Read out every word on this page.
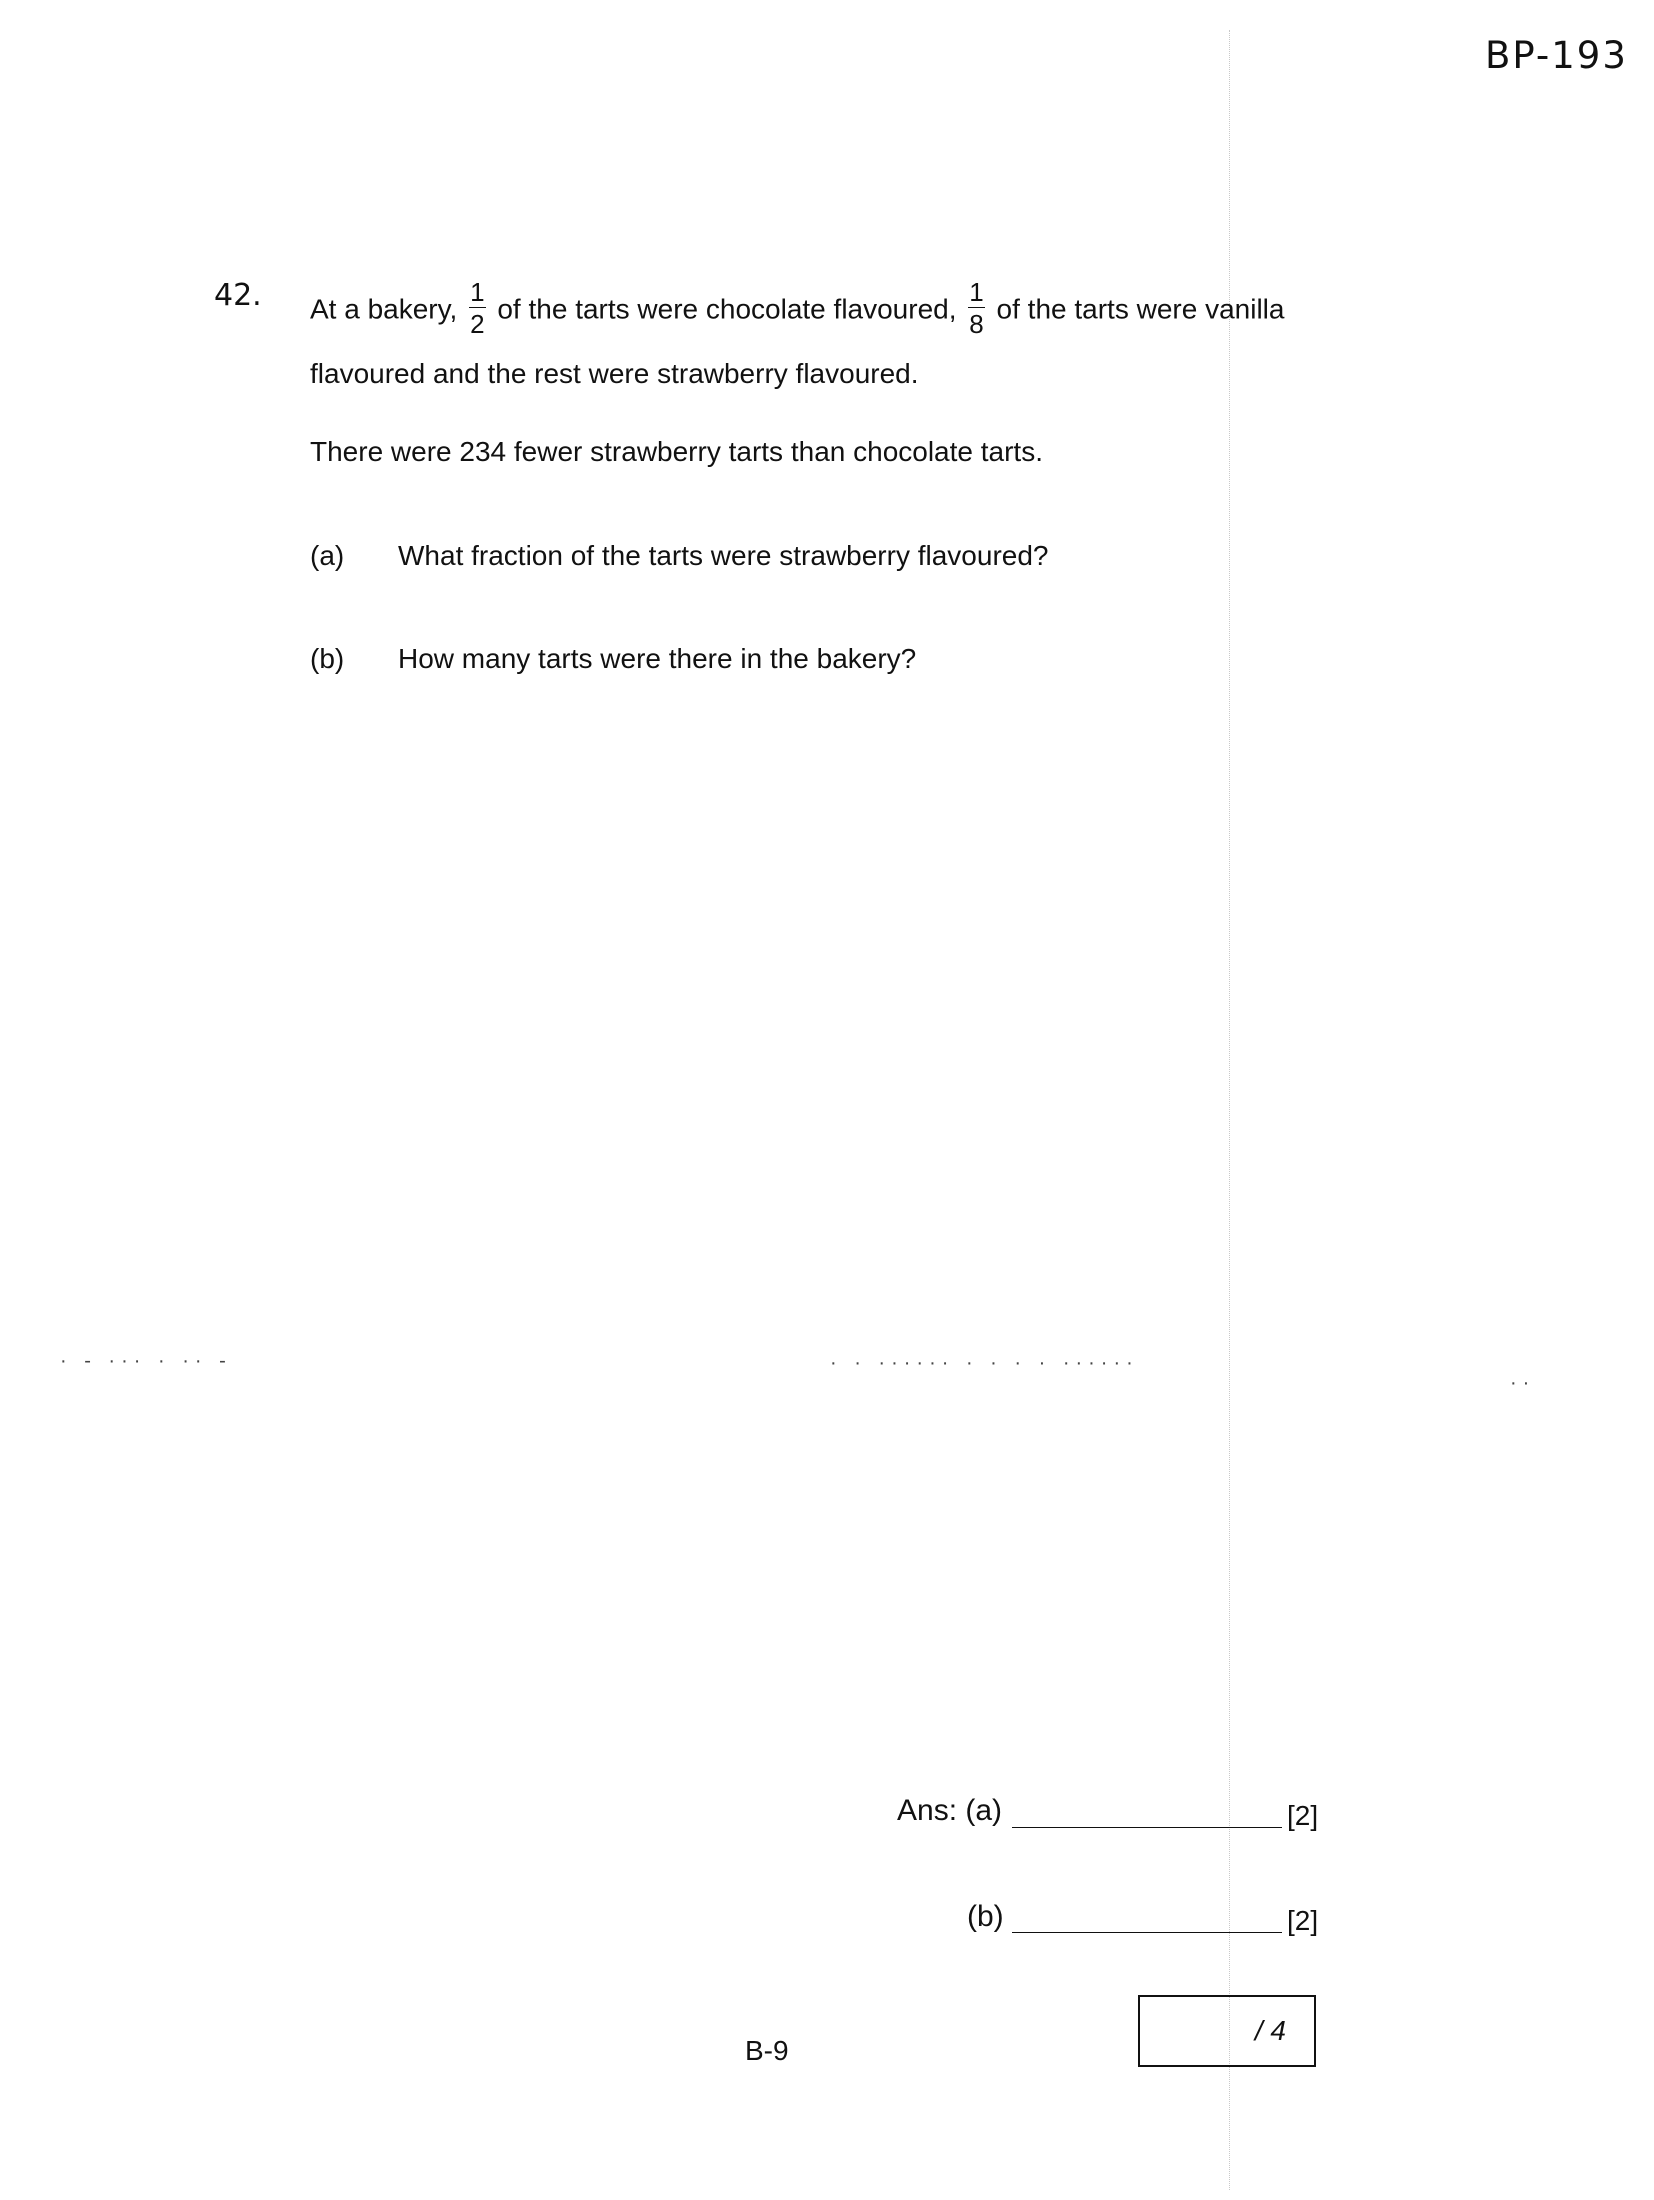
BP-193
42. At a bakery, $\frac{1}{2}$ of the tarts were chocolate flavoured, $\frac{1}{8}$ of the tarts were vanilla
flavoured and the rest were strawberry flavoured.
There were 234 fewer strawberry tarts than chocolate tarts.
(a) What fraction of the tarts were strawberry flavoured?
(b) How many tarts were there in the bakery?
· ‐ ··· · ·· ‐	· · ······ · · · · ······
··
Ans: (a)	[2]
(b)	[2]
B-9
/ 4
